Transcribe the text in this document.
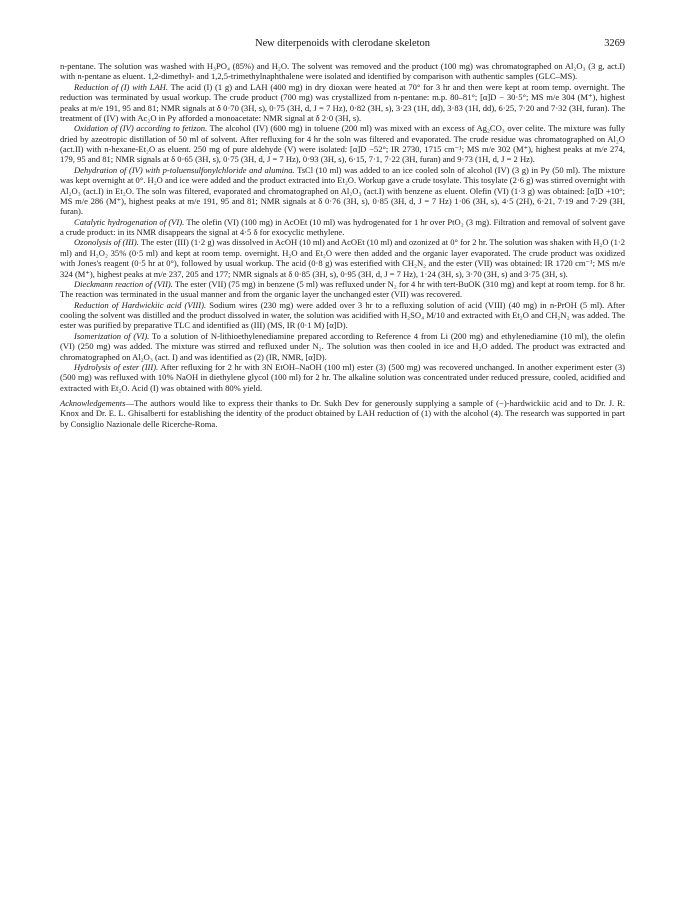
New diterpenoids with clerodane skeleton	3269

n-pentane. The solution was washed with H₃PO₄ (85%) and H₂O. The solvent was removed and the product (100 mg) was chromatographed on Al₂O₃ (3 g, act.I) with n-pentane as eluent. 1,2-dimethyl- and 1,2,5-trimethylnaphthalene were isolated and identified by comparison with authentic samples (GLC–MS).

Reduction of (I) with LAH. The acid (I) (1 g) and LAH (400 mg) in dry dioxan were heated at 70° for 3 hr and then were kept at room temp. overnight. The reduction was terminated by usual workup. The crude product (700 mg) was crystallized from n-pentane: m.p. 80–81°; [α]D − 30·5°; MS m/e 304 (M⁺), highest peaks at m/e 191, 95 and 81; NMR signals at δ 0·70 (3H, s), 0·75 (3H, d, J = 7 Hz), 0·82 (3H, s), 3·23 (1H, dd), 3·83 (1H, dd), 6·25, 7·20 and 7·32 (3H, furan). The treatment of (IV) with Ac₂O in Py afforded a monoacetate: NMR signal at δ 2·0 (3H, s).

Oxidation of (IV) according to fetizon. The alcohol (IV) (600 mg) in toluene (200 ml) was mixed with an excess of Ag₂CO₃ over celite. The mixture was fully dried by azeotropic distillation of 50 ml of solvent. After refluxing for 4 hr the soln was filtered and evaporated. The crude residue was chromatographed on Al₂O (act.II) with n-hexane-Et₂O as eluent. 250 mg of pure aldehyde (V) were isolated: [α]D −52°; IR 2730, 1715 cm⁻¹; MS m/e 302 (M⁺), highest peaks at m/e 274, 179, 95 and 81; NMR signals at δ 0·65 (3H, s), 0·75 (3H, d, J = 7 Hz), 0·93 (3H, s), 6·15, 7·1, 7·22 (3H, furan) and 9·73 (1H, d, J = 2 Hz).

Dehydration of (IV) with p-toluensulfonylchloride and alumina. TsCl (10 ml) was added to an ice cooled soln of alcohol (IV) (3 g) in Py (50 ml). The mixture was kept overnight at 0°. H₂O and ice were added and the product extracted into Et₂O. Workup gave a crude tosylate. This tosylate (2·6 g) was stirred overnight with Al₂O₃ (act.I) in Et₂O. The soln was filtered, evaporated and chromatographed on Al₂O₃ (act.I) with benzene as eluent. Olefin (VI) (1·3 g) was obtained: [α]D +10°; MS m/e 286 (M⁺), highest peaks at m/e 191, 95 and 81; NMR signals at δ 0·76 (3H, s), 0·85 (3H, d, J = 7 Hz) 1·06 (3H, s), 4·5 (2H), 6·21, 7·19 and 7·29 (3H, furan).

Catalytic hydrogenation of (VI). The olefin (VI) (100 mg) in AcOEt (10 ml) was hydrogenated for 1 hr over PtO₂ (3 mg). Filtration and removal of solvent gave a crude product: in its NMR disappears the signal at 4·5 δ for exocyclic methylene.

Ozonolysis of (III). The ester (III) (1·2 g) was dissolved in AcOH (10 ml) and AcOEt (10 ml) and ozonized at 0° for 2 hr. The solution was shaken with H₂O (1·2 ml) and H₂O₂ 35% (0·5 ml) and kept at room temp. overnight. H₂O and Et₂O were then added and the organic layer evaporated. The crude product was oxidized with Jones's reagent (0·5 hr at 0°), followed by usual workup. The acid (0·8 g) was esterified with CH₂N₂ and the ester (VII) was obtained: IR 1720 cm⁻¹; MS m/e 324 (M⁺), highest peaks at m/e 237, 205 and 177; NMR signals at δ 0·85 (3H, s), 0·95 (3H, d, J = 7 Hz), 1·24 (3H, s), 3·70 (3H, s) and 3·75 (3H, s).

Dieckmann reaction of (VII). The ester (VII) (75 mg) in benzene (5 ml) was refluxed under N₂ for 4 hr with tert-BuOK (310 mg) and kept at room temp. for 8 hr. The reaction was terminated in the usual manner and from the organic layer the unchanged ester (VII) was recovered.

Reduction of Hardwickiic acid (VIII). Sodium wires (230 mg) were added over 3 hr to a refluxing solution of acid (VIII) (40 mg) in n-PrOH (5 ml). After cooling the solvent was distilled and the product dissolved in water, the solution was acidified with H₂SO₄ M/10 and extracted with Et₂O and CH₂N₂ was added. The ester was purified by preparative TLC and identified as (III) (MS, IR (0·1 M) [α]D).

Isomerization of (VI). To a solution of N-lithioethylenediamine prepared according to Reference 4 from Li (200 mg) and ethylenediamine (10 ml), the olefin (VI) (250 mg) was added. The mixture was stirred and refluxed under N₂. The solution was then cooled in ice and H₂O added. The product was extracted and chromatographed on Al₂O₃ (act. I) and was identified as (2) (IR, NMR, [α]D).

Hydrolysis of ester (III). After refluxing for 2 hr with 3N EtOH–NaOH (100 ml) ester (3) (500 mg) was recovered unchanged. In another experiment ester (3) (500 mg) was refluxed with 10% NaOH in diethylene glycol (100 ml) for 2 hr. The alkaline solution was concentrated under reduced pressure, cooled, acidified and extracted with Et₂O. Acid (I) was obtained with 80% yield.

Acknowledgements—The authors would like to express their thanks to Dr. Sukh Dev for generously supplying a sample of (−)-hardwickiic acid and to Dr. J. R. Knox and Dr. E. L. Ghisalberti for establishing the identity of the product obtained by LAH reduction of (1) with the alcohol (4). The research was supported in part by Consiglio Nazionale delle Ricerche-Roma.
